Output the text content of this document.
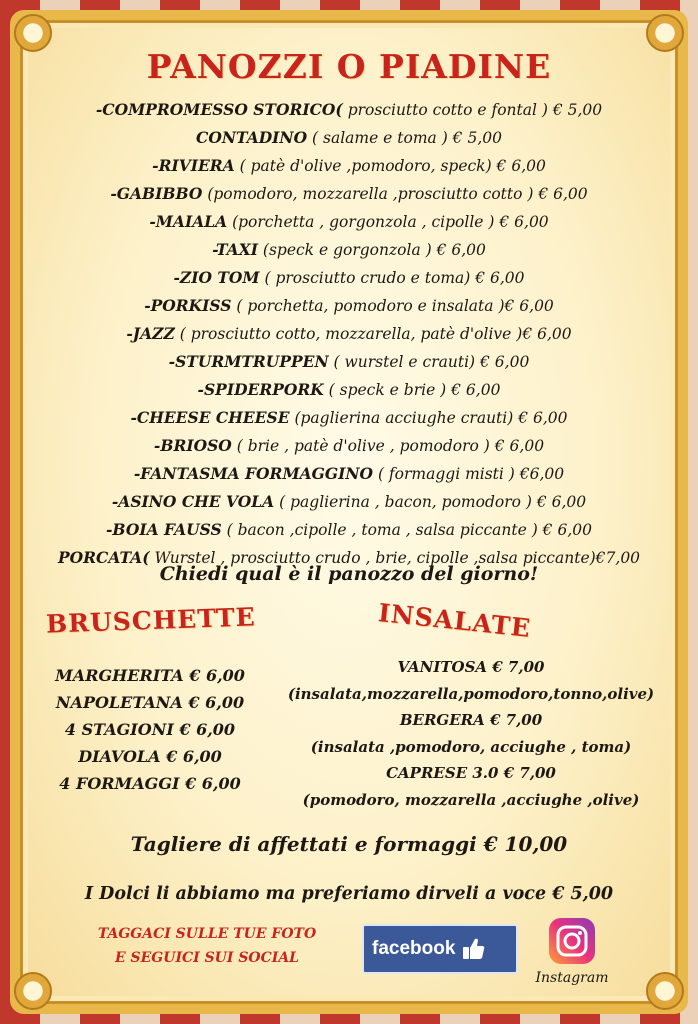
PANOZZI O PIADINE
-COMPROMESSO STORICO( prosciutto cotto e fontal ) € 5,00
CONTADINO ( salame e toma ) € 5,00
-RIVIERA ( patè d'olive ,pomodoro, speck) € 6,00
-GABIBBO (pomodoro, mozzarella ,prosciutto cotto ) € 6,00
-MAIALA (porchetta , gorgonzola , cipolle ) € 6,00
-TAXI (speck e gorgonzola ) € 6,00
-ZIO TOM ( prosciutto crudo e toma) € 6,00
-PORKISS ( porchetta, pomodoro e insalata )€ 6,00
-JAZZ ( prosciutto cotto, mozzarella, patè d'olive )€ 6,00
-STURMTRUPPEN ( wurstel e crauti) € 6,00
-SPIDERPORK ( speck e brie ) € 6,00
-CHEESE CHEESE (paglierina acciughe crauti) € 6,00
-BRIOSO ( brie , patè d'olive , pomodoro ) € 6,00
-FANTASMA FORMAGGINO ( formaggi misti ) €6,00
-ASINO CHE VOLA ( paglierina , bacon, pomodoro ) € 6,00
-BOIA FAUSS ( bacon ,cipolle , toma , salsa piccante ) € 6,00
PORCATA( Wurstel , prosciutto crudo , brie, cipolle ,salsa piccante)€7,00

Chiedi qual è il panozzo del giorno!

BRUSCHETTE	INSALATE
MARGHERITA € 6,00
NAPOLETANA € 6,00
4 STAGIONI € 6,00
DIAVOLA € 6,00
4 FORMAGGI € 6,00
VANITOSA € 7,00
(insalata,mozzarella,pomodoro,tonno,olive)
BERGERA € 7,00
(insalata ,pomodoro, acciughe , toma)
CAPRESE 3.0 € 7,00
(pomodoro, mozzarella ,acciughe ,olive)

Tagliere di affettati e formaggi € 10,00

I Dolci li abbiamo ma preferiamo dirveli a voce € 5,00

TAGGACI SULLE TUE FOTO
E SEGUICI SUI SOCIAL	facebook
Instagram
